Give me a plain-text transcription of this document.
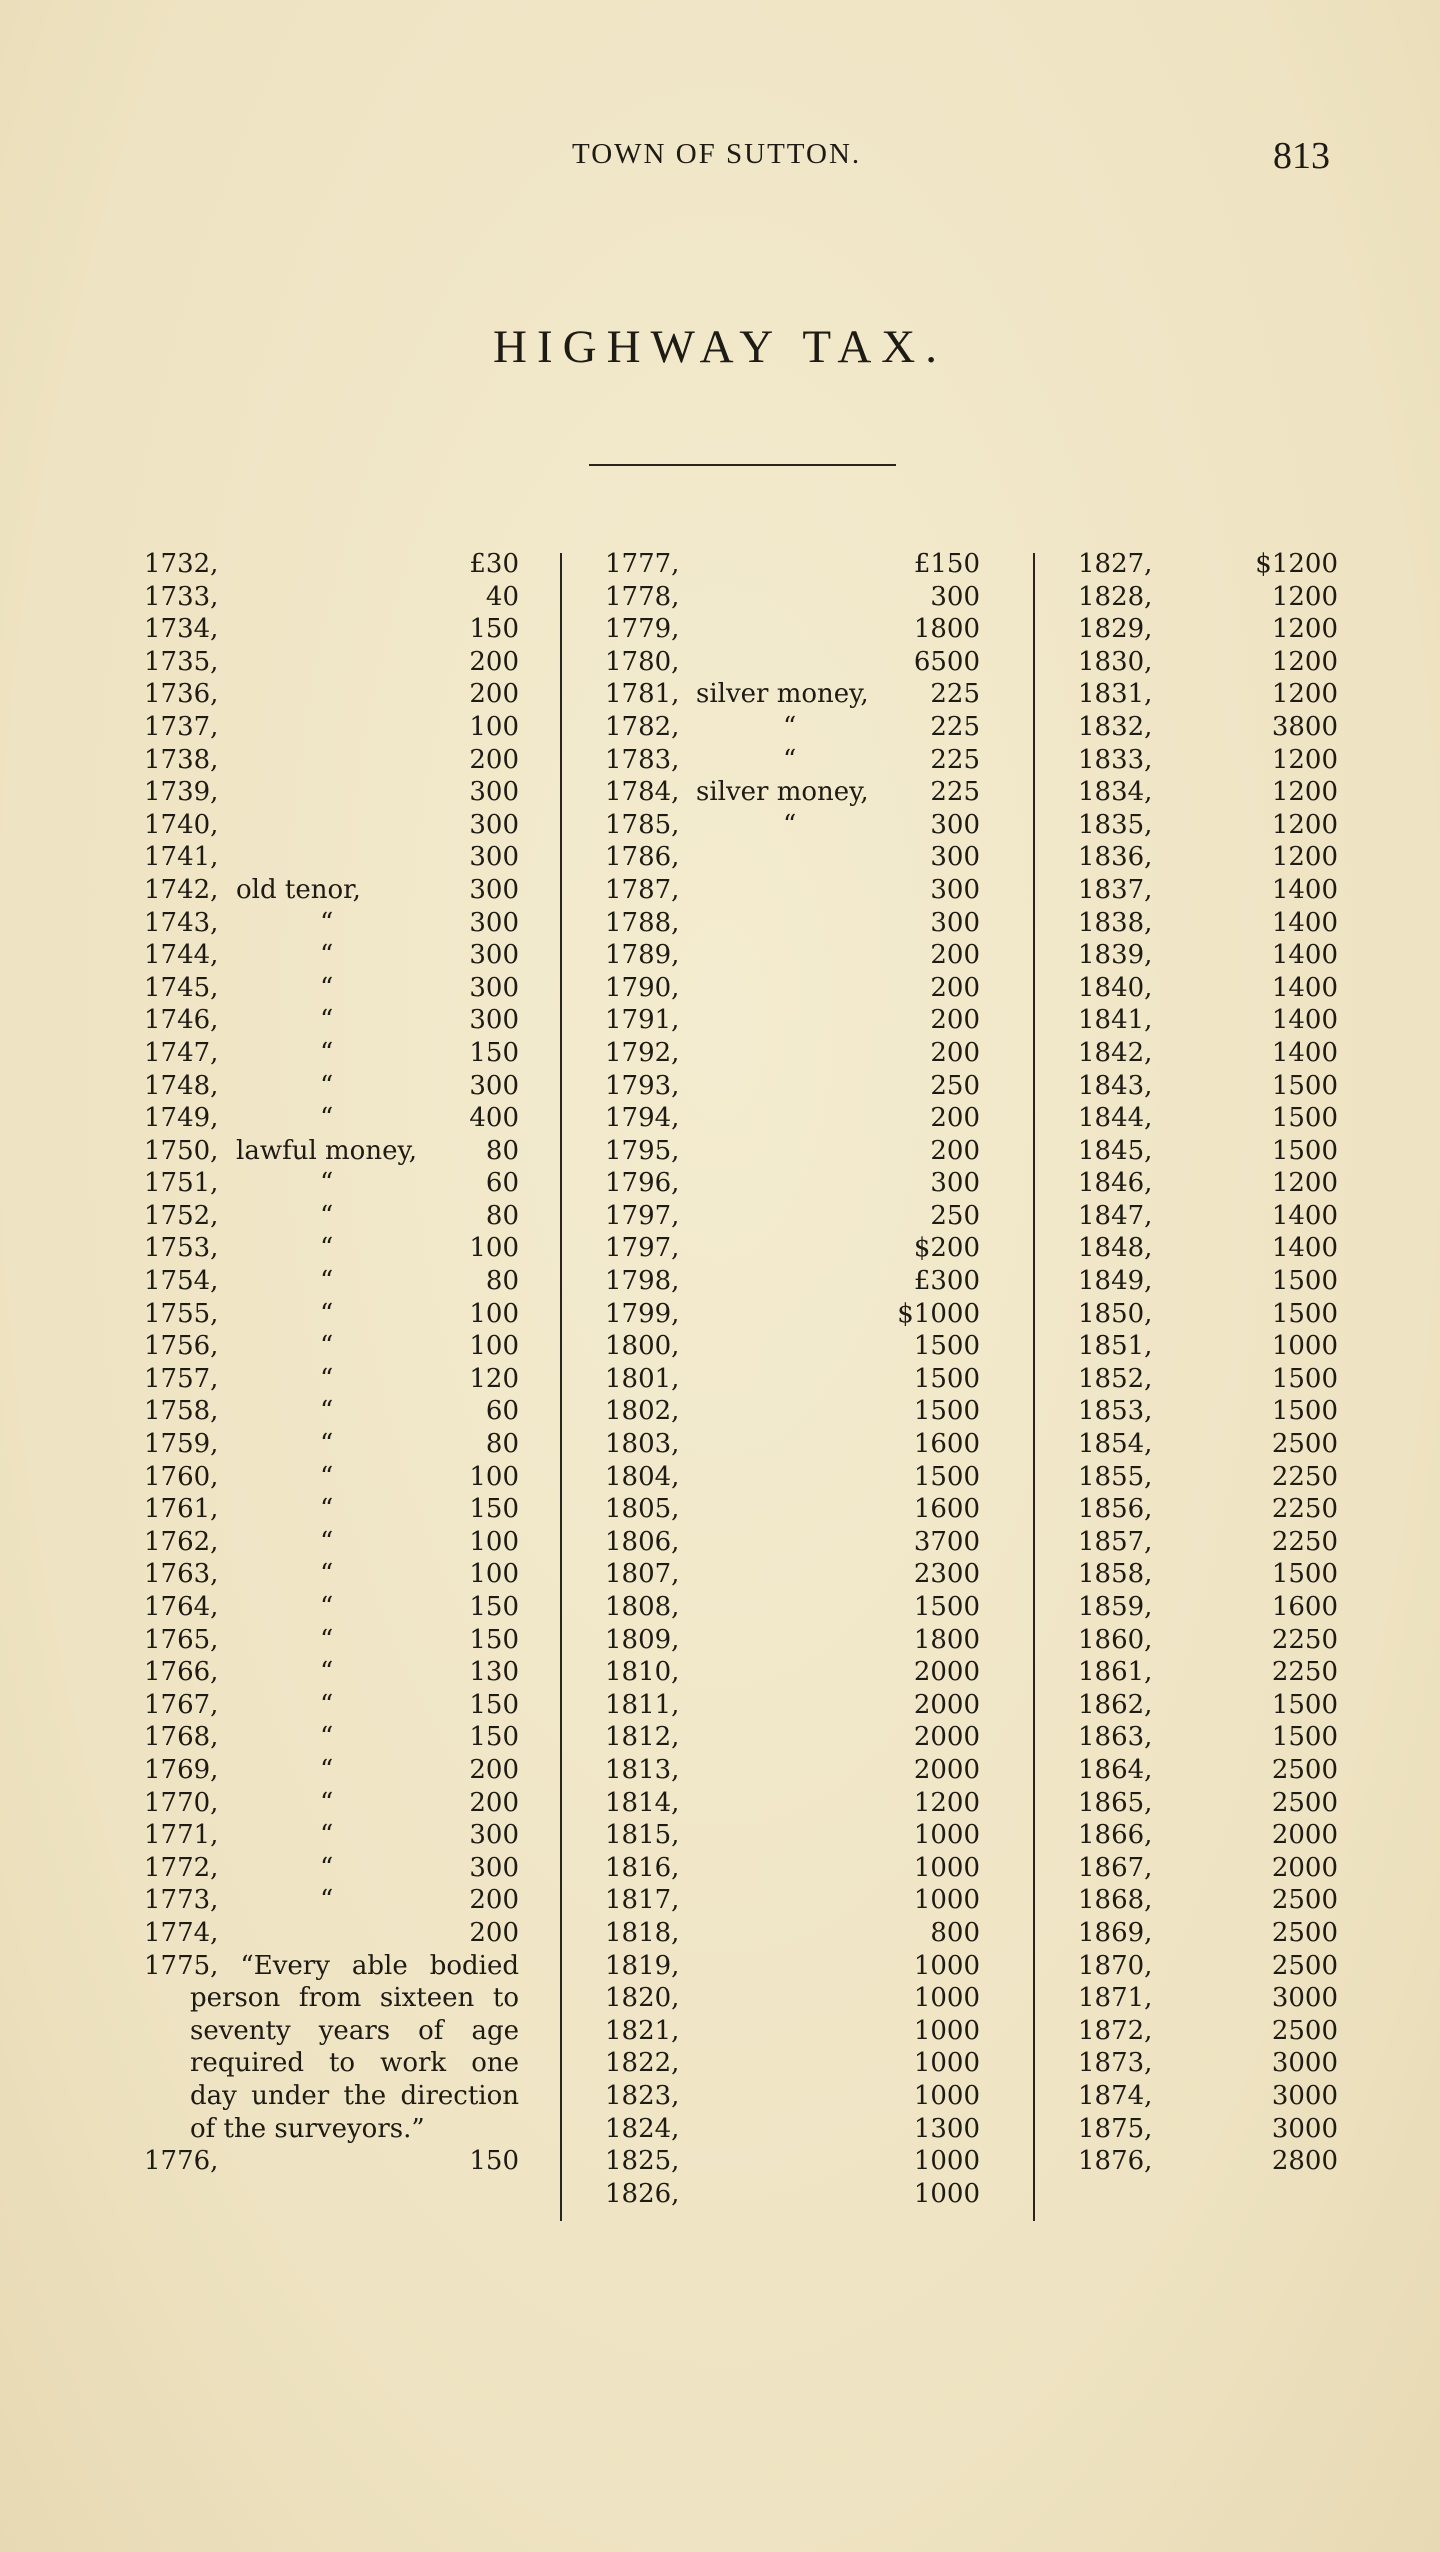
TOWN OF SUTTON.	813
HIGHWAY TAX.
1732,	£30
1733,	40
1734,	150
1735,	200
1736,	200
1737,	100
1738,	200
1739,	300
1740,	300
1741,	300
1742, old tenor,	300
1743,	“	300
1744,	“	300
1745,	“	300
1746,	“	300
1747,	“	150
1748,	“	300
1749,	“	400
1750, lawful money,	80
1751,	“	60
1752,	“	80
1753,	“	100
1754,	“	80
1755,	“	100
1756,	“	100
1757,	“	120
1758,	“	60
1759,	“	80
1760,	“	100
1761,	“	150
1762,	“	100
1763,	“	100
1764,	“	150
1765,	“	150
1766,	“	130
1767,	“	150
1768,	“	150
1769,	“	200
1770,	“	200
1771,	“	300
1772,	“	300
1773,	“	200
1774,	200
1775, “Every able bodied person from sixteen to seventy years of age required to work one day under the direction of the surveyors.”
1776,	150
1777,	£150
1778,	300
1779,	1800
1780,	6500
1781, silver money, 225
1782,	“	225
1783,	“	225
1784, silver money, 225
1785,	“	300
1786,	300
1787,	300
1788,	300
1789,	200
1790,	200
1791,	200
1792,	200
1793,	250
1794,	200
1795,	200
1796,	300
1797,	250
1797,	$200
1798,	£300
1799,	$1000
1800,	1500
1801,	1500
1802,	1500
1803,	1600
1804,	1500
1805,	1600
1806,	3700
1807,	2300
1808,	1500
1809,	1800
1810,	2000
1811,	2000
1812,	2000
1813,	2000
1814,	1200
1815,	1000
1816,	1000
1817,	1000
1818,	800
1819,	1000
1820,	1000
1821,	1000
1822,	1000
1823,	1000
1824,	1300
1825,	1000
1826,	1000
1827,	$1200
1828,	1200
1829,	1200
1830,	1200
1831,	1200
1832,	3800
1833,	1200
1834,	1200
1835,	1200
1836,	1200
1837,	1400
1838,	1400
1839,	1400
1840,	1400
1841,	1400
1842,	1400
1843,	1500
1844,	1500
1845,	1500
1846,	1200
1847,	1400
1848,	1400
1849,	1500
1850,	1500
1851,	1000
1852,	1500
1853,	1500
1854,	2500
1855,	2250
1856,	2250
1857,	2250
1858,	1500
1859,	1600
1860,	2250
1861,	2250
1862,	1500
1863,	1500
1864,	2500
1865,	2500
1866,	2000
1867,	2000
1868,	2500
1869,	2500
1870,	2500
1871,	3000
1872,	2500
1873,	3000
1874,	3000
1875,	3000
1876,	2800
